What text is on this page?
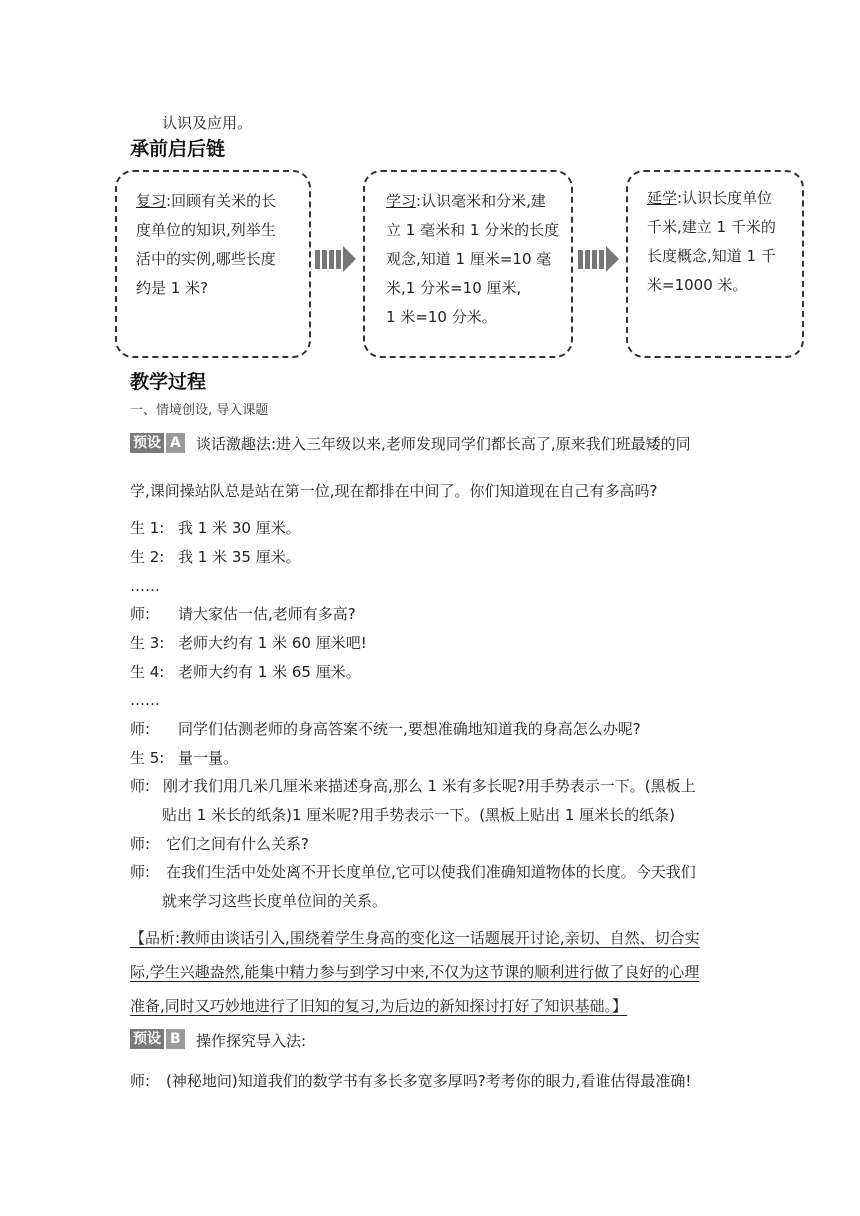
认识及应用。
承前启后链
复习:回顾有关米的长
度单位的知识,列举生
活中的实例,哪些长度
约是 1 米?
学习:认识毫米和分米,建
立 1 毫米和 1 分米的长度
观念,知道 1 厘米=10 毫
米,1 分米=10 厘米,
1 米=10 分米。
延学:认识长度单位
千米,建立 1 千米的
长度概念,知道 1 千
米=1000 米。
教学过程
一、情境创设, 导入课题
预设 A 谈话激趣法:进入三年级以来,老师发现同学们都长高了,原来我们班最矮的同
学,课间操站队总是站在第一位,现在都排在中间了。你们知道现在自己有多高吗?
生 1: 我 1 米 30 厘米。
生 2: 我 1 米 35 厘米。
……
师: 请大家估一估,老师有多高?
生 3: 老师大约有 1 米 60 厘米吧!
生 4: 老师大约有 1 米 65 厘米。
……
师: 同学们估测老师的身高答案不统一,要想准确地知道我的身高怎么办呢?
生 5: 量一量。
师: 刚才我们用几米几厘米来描述身高,那么 1 米有多长呢?用手势表示一下。(黑板上
贴出 1 米长的纸条)1 厘米呢?用手势表示一下。(黑板上贴出 1 厘米长的纸条)
师: 它们之间有什么关系?
师: 在我们生活中处处离不开长度单位,它可以使我们准确知道物体的长度。今天我们
就来学习这些长度单位间的关系。
【品析:教师由谈话引入,围绕着学生身高的变化这一话题展开讨论,亲切、自然、切合实
际,学生兴趣盎然,能集中精力参与到学习中来,不仅为这节课的顺利进行做了良好的心理
准备,同时又巧妙地进行了旧知的复习,为后边的新知探讨打好了知识基础。】
预设 B 操作探究导入法:
师: (神秘地问)知道我们的数学书有多长多宽多厚吗?考考你的眼力,看谁估得最准确!
